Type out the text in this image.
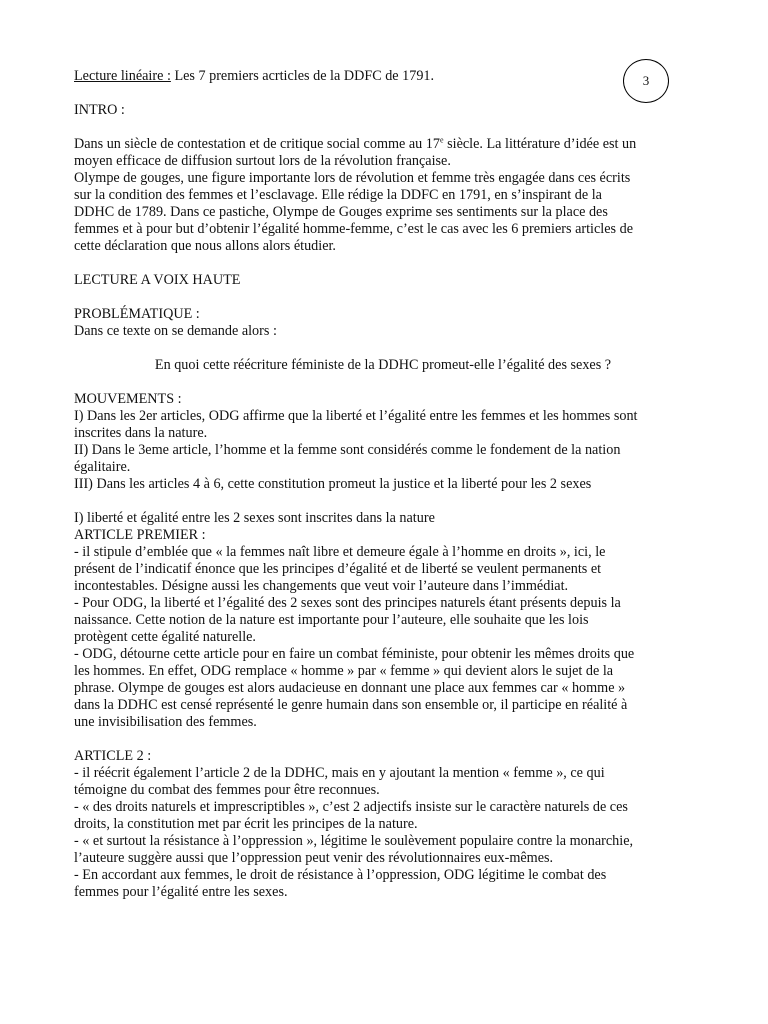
3

Lecture linéaire : Les 7 premiers acrticles de la DDFC de 1791.

INTRO :

Dans un siècle de contestation et de critique social comme au 17e siècle. La littérature d’idée est un

moyen efficace de diffusion surtout lors de la révolution française.

Olympe de gouges, une figure importante lors de révolution et femme très engagée dans ces écrits

sur la condition des femmes et l’esclavage. Elle rédige la DDFC en 1791, en s’inspirant de la

DDHC de 1789. Dans ce pastiche, Olympe de Gouges exprime ses sentiments sur la place des

femmes et à pour but d’obtenir l’égalité homme-femme, c’est le cas avec les 6 premiers articles de

cette déclaration que nous allons alors étudier.

LECTURE A VOIX HAUTE

PROBLÉMATIQUE :

Dans ce texte on se demande alors :

En quoi cette réécriture féministe de la DDHC promeut-elle l’égalité des sexes ?

MOUVEMENTS :

I) Dans les 2er articles, ODG affirme que la liberté et l’égalité entre les femmes et les hommes sont

inscrites dans la nature.

II) Dans le 3eme article, l’homme et la femme sont considérés comme le fondement de la nation

égalitaire.

III) Dans les articles 4 à 6, cette constitution promeut la justice et la liberté pour les 2 sexes

I) liberté et égalité entre les 2 sexes sont inscrites dans la nature

ARTICLE PREMIER :

- il stipule d’emblée que « la femmes naît libre et demeure égale à l’homme en droits », ici, le

présent de l’indicatif énonce que les principes d’égalité et de liberté se veulent permanents et

incontestables. Désigne aussi les changements que veut voir l’auteure dans l’immédiat.

- Pour ODG, la liberté et l’égalité des 2 sexes sont des principes naturels étant présents depuis la

naissance. Cette notion de la nature est importante pour l’auteure, elle souhaite que les lois

protègent cette égalité naturelle.

- ODG, détourne cette article pour en faire un combat féministe, pour obtenir les mêmes droits que

les hommes. En effet, ODG remplace « homme » par « femme » qui devient alors le sujet de la

phrase. Olympe de gouges est alors audacieuse en donnant une place aux femmes car « homme »

dans la DDHC est censé représenté le genre humain dans son ensemble or, il participe en réalité à

une invisibilisation des femmes.

ARTICLE 2 :

- il réécrit également l’article 2 de la DDHC, mais en y ajoutant la mention « femme », ce qui

témoigne du combat des femmes pour être reconnues.

- « des droits naturels et imprescriptibles », c’est 2 adjectifs insiste sur le caractère naturels de ces

droits, la constitution met par écrit les principes de la nature.

- « et surtout la résistance à l’oppression », légitime le soulèvement populaire contre la monarchie,

l’auteure suggère aussi que l’oppression peut venir des révolutionnaires eux-mêmes.

- En accordant aux femmes, le droit de résistance à l’oppression, ODG légitime le combat des

femmes pour l’égalité entre les sexes.
